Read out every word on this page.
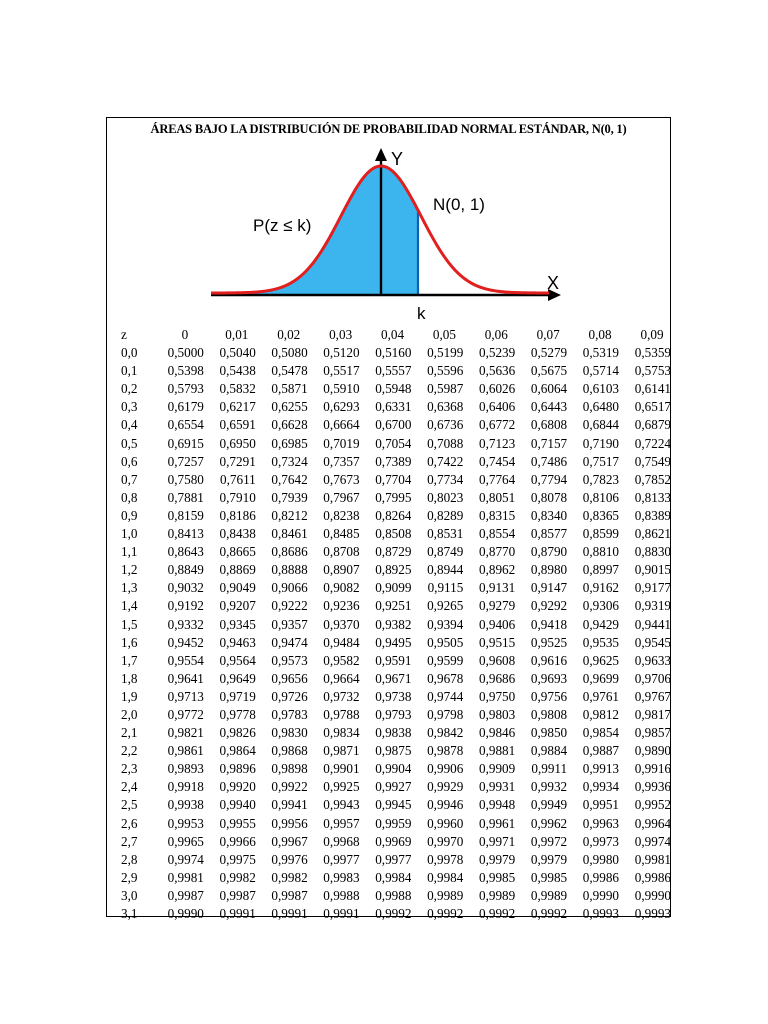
ÁREAS BAJO LA DISTRIBUCIÓN DE PROBABILIDAD NORMAL ESTÁNDAR, N(0, 1)
Y
X
N(0, 1)
P(z ≤ k)
k
z	0	0,01	0,02	0,03	0,04	0,05	0,06	0,07	0,08	0,09
0,0	0,5000	0,5040	0,5080	0,5120	0,5160	0,5199	0,5239	0,5279	0,5319	0,5359
0,1	0,5398	0,5438	0,5478	0,5517	0,5557	0,5596	0,5636	0,5675	0,5714	0,5753
0,2	0,5793	0,5832	0,5871	0,5910	0,5948	0,5987	0,6026	0,6064	0,6103	0,6141
0,3	0,6179	0,6217	0,6255	0,6293	0,6331	0,6368	0,6406	0,6443	0,6480	0,6517
0,4	0,6554	0,6591	0,6628	0,6664	0,6700	0,6736	0,6772	0,6808	0,6844	0,6879
0,5	0,6915	0,6950	0,6985	0,7019	0,7054	0,7088	0,7123	0,7157	0,7190	0,7224
0,6	0,7257	0,7291	0,7324	0,7357	0,7389	0,7422	0,7454	0,7486	0,7517	0,7549
0,7	0,7580	0,7611	0,7642	0,7673	0,7704	0,7734	0,7764	0,7794	0,7823	0,7852
0,8	0,7881	0,7910	0,7939	0,7967	0,7995	0,8023	0,8051	0,8078	0,8106	0,8133
0,9	0,8159	0,8186	0,8212	0,8238	0,8264	0,8289	0,8315	0,8340	0,8365	0,8389
1,0	0,8413	0,8438	0,8461	0,8485	0,8508	0,8531	0,8554	0,8577	0,8599	0,8621
1,1	0,8643	0,8665	0,8686	0,8708	0,8729	0,8749	0,8770	0,8790	0,8810	0,8830
1,2	0,8849	0,8869	0,8888	0,8907	0,8925	0,8944	0,8962	0,8980	0,8997	0,9015
1,3	0,9032	0,9049	0,9066	0,9082	0,9099	0,9115	0,9131	0,9147	0,9162	0,9177
1,4	0,9192	0,9207	0,9222	0,9236	0,9251	0,9265	0,9279	0,9292	0,9306	0,9319
1,5	0,9332	0,9345	0,9357	0,9370	0,9382	0,9394	0,9406	0,9418	0,9429	0,9441
1,6	0,9452	0,9463	0,9474	0,9484	0,9495	0,9505	0,9515	0,9525	0,9535	0,9545
1,7	0,9554	0,9564	0,9573	0,9582	0,9591	0,9599	0,9608	0,9616	0,9625	0,9633
1,8	0,9641	0,9649	0,9656	0,9664	0,9671	0,9678	0,9686	0,9693	0,9699	0,9706
1,9	0,9713	0,9719	0,9726	0,9732	0,9738	0,9744	0,9750	0,9756	0,9761	0,9767
2,0	0,9772	0,9778	0,9783	0,9788	0,9793	0,9798	0,9803	0,9808	0,9812	0,9817
2,1	0,9821	0,9826	0,9830	0,9834	0,9838	0,9842	0,9846	0,9850	0,9854	0,9857
2,2	0,9861	0,9864	0,9868	0,9871	0,9875	0,9878	0,9881	0,9884	0,9887	0,9890
2,3	0,9893	0,9896	0,9898	0,9901	0,9904	0,9906	0,9909	0,9911	0,9913	0,9916
2,4	0,9918	0,9920	0,9922	0,9925	0,9927	0,9929	0,9931	0,9932	0,9934	0,9936
2,5	0,9938	0,9940	0,9941	0,9943	0,9945	0,9946	0,9948	0,9949	0,9951	0,9952
2,6	0,9953	0,9955	0,9956	0,9957	0,9959	0,9960	0,9961	0,9962	0,9963	0,9964
2,7	0,9965	0,9966	0,9967	0,9968	0,9969	0,9970	0,9971	0,9972	0,9973	0,9974
2,8	0,9974	0,9975	0,9976	0,9977	0,9977	0,9978	0,9979	0,9979	0,9980	0,9981
2,9	0,9981	0,9982	0,9982	0,9983	0,9984	0,9984	0,9985	0,9985	0,9986	0,9986
3,0	0,9987	0,9987	0,9987	0,9988	0,9988	0,9989	0,9989	0,9989	0,9990	0,9990
3,1	0,9990	0,9991	0,9991	0,9991	0,9992	0,9992	0,9992	0,9992	0,9993	0,9993
